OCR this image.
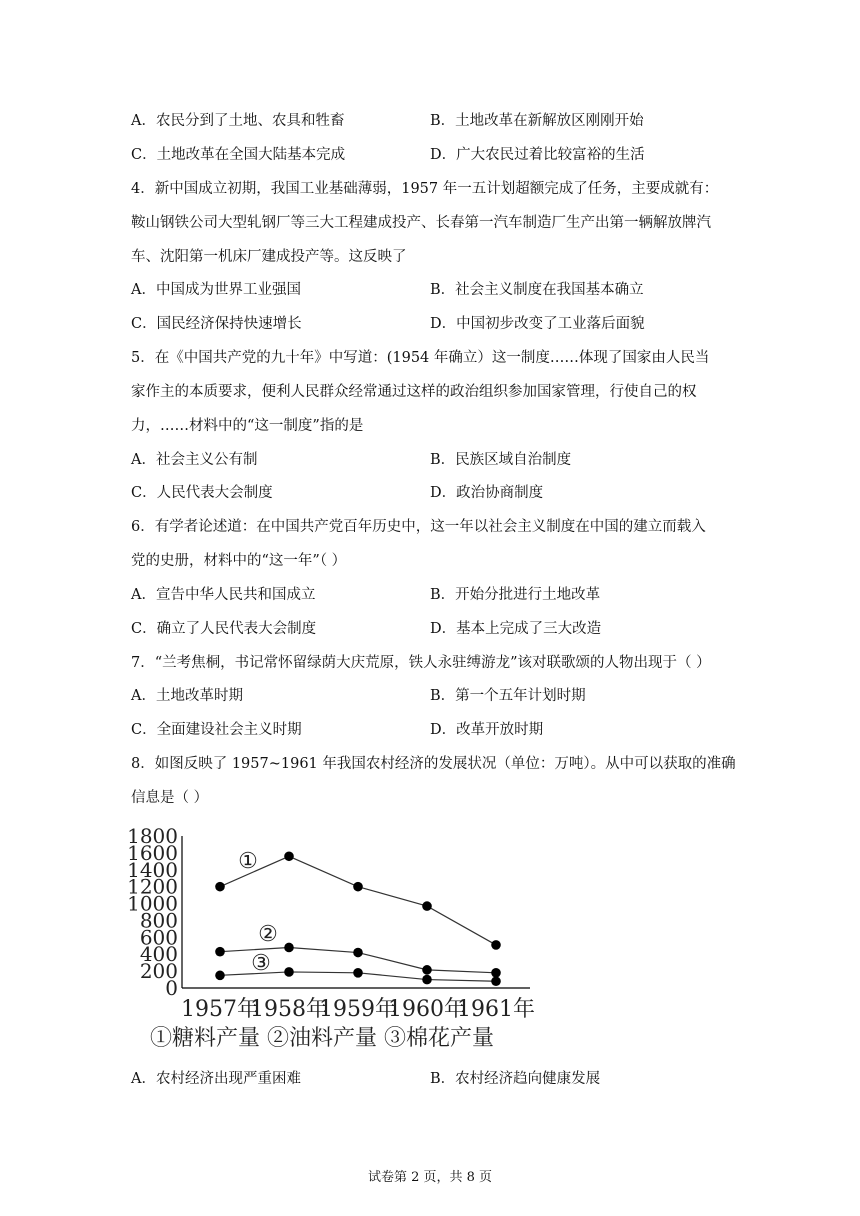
A．农民分到了土地、农具和牲畜	B．土地改革在新解放区刚刚开始
C．土地改革在全国大陆基本完成	D．广大农民过着比较富裕的生活
4．新中国成立初期，我国工业基础薄弱，1957 年一五计划超额完成了任务，主要成就有：
鞍山钢铁公司大型轧钢厂等三大工程建成投产、长春第一汽车制造厂生产出第一辆解放牌汽
车、沈阳第一机床厂建成投产等。这反映了
A．中国成为世界工业强国	B．社会主义制度在我国基本确立
C．国民经济保持快速增长	D．中国初步改变了工业落后面貌
5．在《中国共产党的九十年》中写道：(1954 年确立）这一制度……体现了国家由人民当
家作主的本质要求，便利人民群众经常通过这样的政治组织参加国家管理，行使自己的权
力，……材料中的“这一制度”指的是
A．社会主义公有制	B．民族区域自治制度
C．人民代表大会制度	D．政治协商制度
6．有学者论述道：在中国共产党百年历史中，这一年以社会主义制度在中国的建立而载入
党的史册，材料中的“这一年”（ ）
A．宣告中华人民共和国成立	B．开始分批进行土地改革
C．确立了人民代表大会制度	D．基本上完成了三大改造
7．“兰考焦桐，书记常怀留绿荫大庆荒原，铁人永驻缚游龙”该对联歌颂的人物出现于（ ）
A．土地改革时期	B．第一个五年计划时期
C．全面建设社会主义时期	D．改革开放时期
8．如图反映了 1957~1961 年我国农村经济的发展状况（单位：万吨）。从中可以获取的准确
信息是（ ）
0
200
400
600
800
1000
1200
1400
1600
1800
1957年
1958年
1959年
1960年
1961年
①
②
③
①糖料产量 ②油料产量 ③棉花产量
A．农村经济出现严重困难	B．农村经济趋向健康发展
试卷第 2 页，共 8 页
